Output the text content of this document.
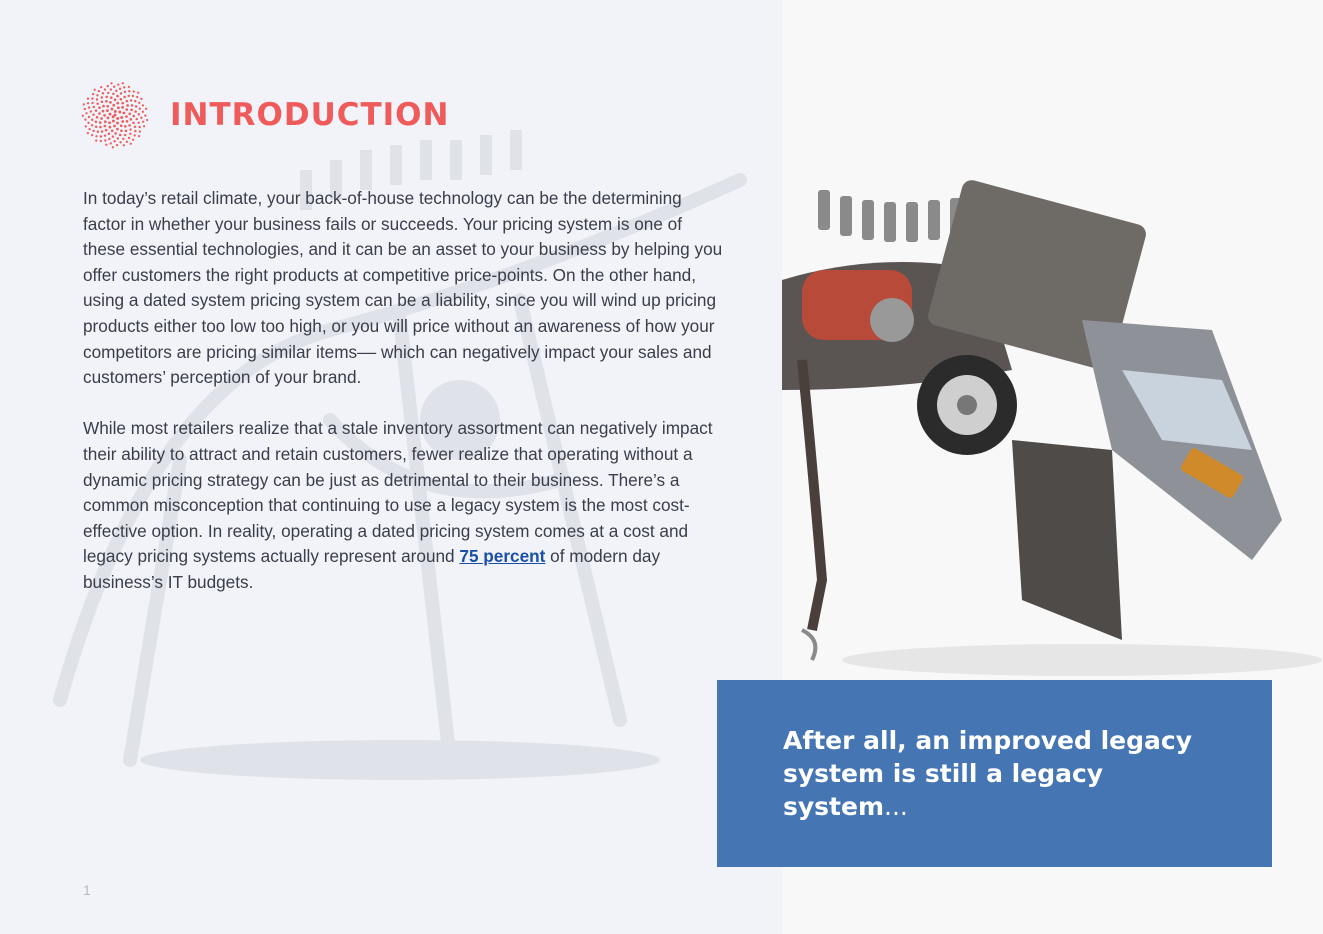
INTRODUCTION

In today’s retail climate, your back-of-house technology can be the determining factor in whether your business fails or succeeds. Your pricing system is one of these essential technologies, and it can be an asset to your business by helping you offer customers the right products at competitive price-points. On the other hand, using a dated system pricing system can be a liability, since you will wind up pricing products either too low too high, or you will price without an awareness of how your competitors are pricing similar items–– which can negatively impact your sales and customers’ perception of your brand.

While most retailers realize that a stale inventory assortment can negatively impact their ability to attract and retain customers, fewer realize that operating without a dynamic pricing strategy can be just as detrimental to their business. There’s a common misconception that continuing to use a legacy system is the most cost-effective option. In reality, operating a dated pricing system comes at a cost and legacy pricing systems actually represent around 75 percent of modern day business’s IT budgets.

1

After all, an improved legacy system is still a legacy system...
